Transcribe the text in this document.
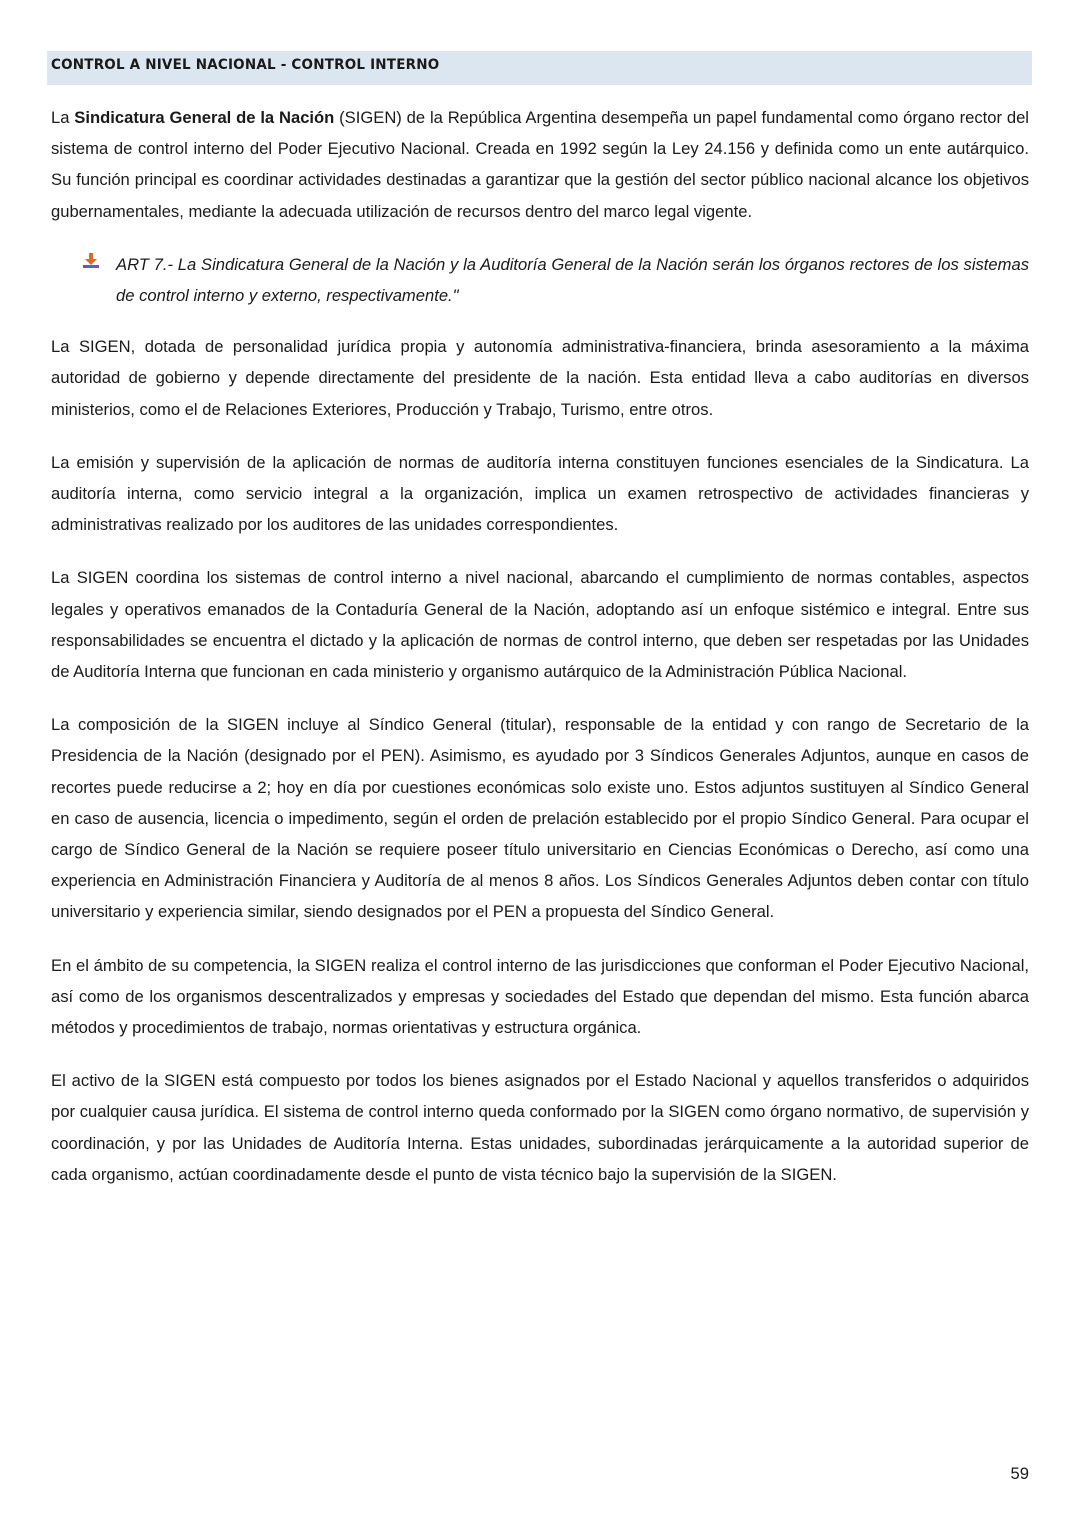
CONTROL A NIVEL NACIONAL - CONTROL INTERNO

La Sindicatura General de la Nación (SIGEN) de la República Argentina desempeña un papel fundamental como órgano rector del sistema de control interno del Poder Ejecutivo Nacional. Creada en 1992 según la Ley 24.156 y definida como un ente autárquico. Su función principal es coordinar actividades destinadas a garantizar que la gestión del sector público nacional alcance los objetivos gubernamentales, mediante la adecuada utilización de recursos dentro del marco legal vigente.

ART 7.- La Sindicatura General de la Nación y la Auditoría General de la Nación serán los órganos rectores de los sistemas de control interno y externo, respectivamente."

La SIGEN, dotada de personalidad jurídica propia y autonomía administrativa-financiera, brinda asesoramiento a la máxima autoridad de gobierno y depende directamente del presidente de la nación. Esta entidad lleva a cabo auditorías en diversos ministerios, como el de Relaciones Exteriores, Producción y Trabajo, Turismo, entre otros.

La emisión y supervisión de la aplicación de normas de auditoría interna constituyen funciones esenciales de la Sindicatura. La auditoría interna, como servicio integral a la organización, implica un examen retrospectivo de actividades financieras y administrativas realizado por los auditores de las unidades correspondientes.

La SIGEN coordina los sistemas de control interno a nivel nacional, abarcando el cumplimiento de normas contables, aspectos legales y operativos emanados de la Contaduría General de la Nación, adoptando así un enfoque sistémico e integral. Entre sus responsabilidades se encuentra el dictado y la aplicación de normas de control interno, que deben ser respetadas por las Unidades de Auditoría Interna que funcionan en cada ministerio y organismo autárquico de la Administración Pública Nacional.

La composición de la SIGEN incluye al Síndico General (titular), responsable de la entidad y con rango de Secretario de la Presidencia de la Nación (designado por el PEN). Asimismo, es ayudado por 3 Síndicos Generales Adjuntos, aunque en casos de recortes puede reducirse a 2; hoy en día por cuestiones económicas solo existe uno. Estos adjuntos sustituyen al Síndico General en caso de ausencia, licencia o impedimento, según el orden de prelación establecido por el propio Síndico General. Para ocupar el cargo de Síndico General de la Nación se requiere poseer título universitario en Ciencias Económicas o Derecho, así como una experiencia en Administración Financiera y Auditoría de al menos 8 años. Los Síndicos Generales Adjuntos deben contar con título universitario y experiencia similar, siendo designados por el PEN a propuesta del Síndico General.

En el ámbito de su competencia, la SIGEN realiza el control interno de las jurisdicciones que conforman el Poder Ejecutivo Nacional, así como de los organismos descentralizados y empresas y sociedades del Estado que dependan del mismo. Esta función abarca métodos y procedimientos de trabajo, normas orientativas y estructura orgánica.

El activo de la SIGEN está compuesto por todos los bienes asignados por el Estado Nacional y aquellos transferidos o adquiridos por cualquier causa jurídica. El sistema de control interno queda conformado por la SIGEN como órgano normativo, de supervisión y coordinación, y por las Unidades de Auditoría Interna. Estas unidades, subordinadas jerárquicamente a la autoridad superior de cada organismo, actúan coordinadamente desde el punto de vista técnico bajo la supervisión de la SIGEN.

59
